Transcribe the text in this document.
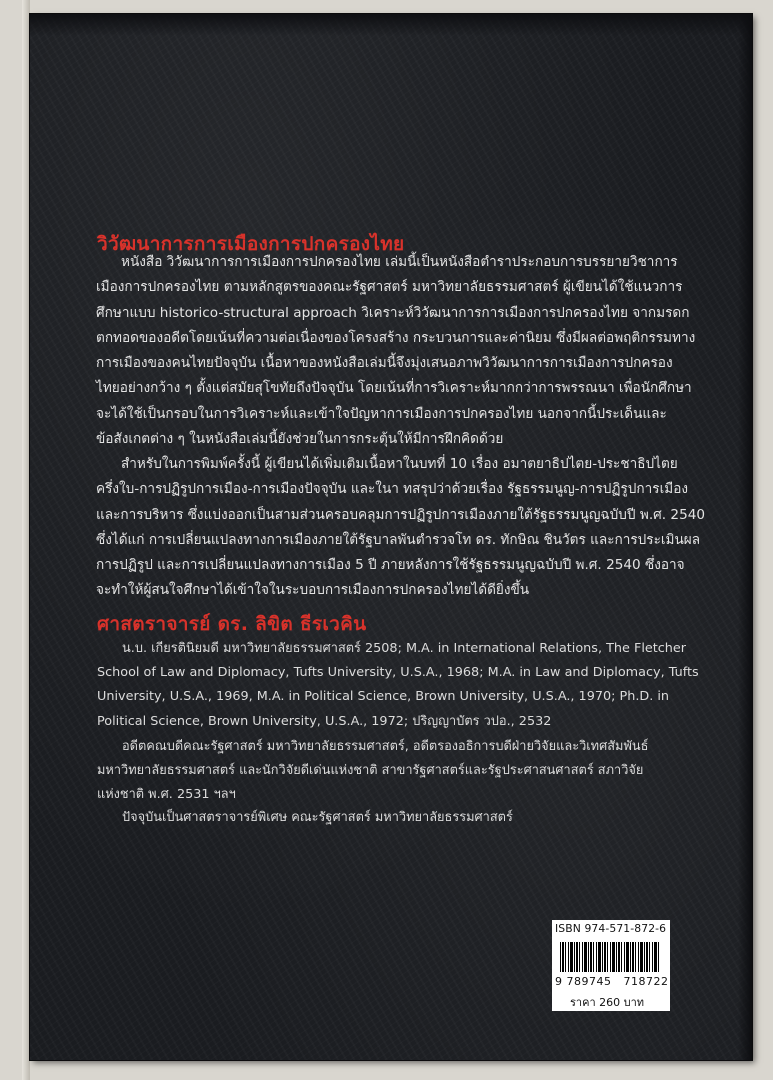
วิวัฒนาการการเมืองการปกครองไทย
หนังสือ วิวัฒนาการการเมืองการปกครองไทย เล่มนี้เป็นหนังสือตำราประกอบการบรรยายวิชาการ
เมืองการปกครองไทย ตามหลักสูตรของคณะรัฐศาสตร์ มหาวิทยาลัยธรรมศาสตร์ ผู้เขียนได้ใช้แนวการ
ศึกษาแบบ historico-structural approach วิเคราะห์วิวัฒนาการการเมืองการปกครองไทย จากมรดก
ตกทอดของอดีตโดยเน้นที่ความต่อเนื่องของโครงสร้าง กระบวนการและค่านิยม ซึ่งมีผลต่อพฤติกรรมทาง
การเมืองของคนไทยปัจจุบัน เนื้อหาของหนังสือเล่มนี้จึงมุ่งเสนอภาพวิวัฒนาการการเมืองการปกครอง
ไทยอย่างกว้าง ๆ ตั้งแต่สมัยสุโขทัยถึงปัจจุบัน โดยเน้นที่การวิเคราะห์มากกว่าการพรรณนา เพื่อนักศึกษา
จะได้ใช้เป็นกรอบในการวิเคราะห์และเข้าใจปัญหาการเมืองการปกครองไทย นอกจากนี้ประเด็นและ
ข้อสังเกตต่าง ๆ ในหนังสือเล่มนี้ยังช่วยในการกระตุ้นให้มีการฝึกคิดด้วย
สำหรับในการพิมพ์ครั้งนี้ ผู้เขียนได้เพิ่มเติมเนื้อหาในบทที่ 10 เรื่อง อมาตยาธิปไตย-ประชาธิปไตย
ครึ่งใบ-การปฏิรูปการเมือง-การเมืองปัจจุบัน และในา ทสรุปว่าด้วยเรื่อง รัฐธรรมนูญ-การปฏิรูปการเมือง
และการบริหาร ซึ่งแบ่งออกเป็นสามส่วนครอบคลุมการปฏิรูปการเมืองภายใต้รัฐธรรมนูญฉบับปี พ.ศ. 2540
ซึ่งได้แก่ การเปลี่ยนแปลงทางการเมืองภายใต้รัฐบาลพันตำรวจโท ดร. ทักษิณ ชินวัตร และการประเมินผล
การปฏิรูป และการเปลี่ยนแปลงทางการเมือง 5 ปี ภายหลังการใช้รัฐธรรมนูญฉบับปี พ.ศ. 2540 ซึ่งอาจ
จะทำให้ผู้สนใจศึกษาได้เข้าใจในระบอบการเมืองการปกครองไทยได้ดียิ่งขึ้น
ศาสตราจารย์ ดร. ลิขิต ธีรเวคิน
น.บ. เกียรตินิยมดี มหาวิทยาลัยธรรมศาสตร์ 2508; M.A. in International Relations, The Fletcher
School of Law and Diplomacy, Tufts University, U.S.A., 1968; M.A. in Law and Diplomacy, Tufts
University, U.S.A., 1969, M.A. in Political Science, Brown University, U.S.A., 1970; Ph.D. in
Political Science, Brown University, U.S.A., 1972; ปริญญาบัตร วปอ., 2532
อดีตคณบดีคณะรัฐศาสตร์ มหาวิทยาลัยธรรมศาสตร์, อดีตรองอธิการบดีฝ่ายวิจัยและวิเทศสัมพันธ์
มหาวิทยาลัยธรรมศาสตร์ และนักวิจัยดีเด่นแห่งชาติ สาขารัฐศาสตร์และรัฐประศาสนศาสตร์ สภาวิจัย
แห่งชาติ พ.ศ. 2531 ฯลฯ
ปัจจุบันเป็นศาสตราจารย์พิเศษ คณะรัฐศาสตร์ มหาวิทยาลัยธรรมศาสตร์
ISBN 974-571-872-6
9 789745   718722
ราคา 260 บาท
